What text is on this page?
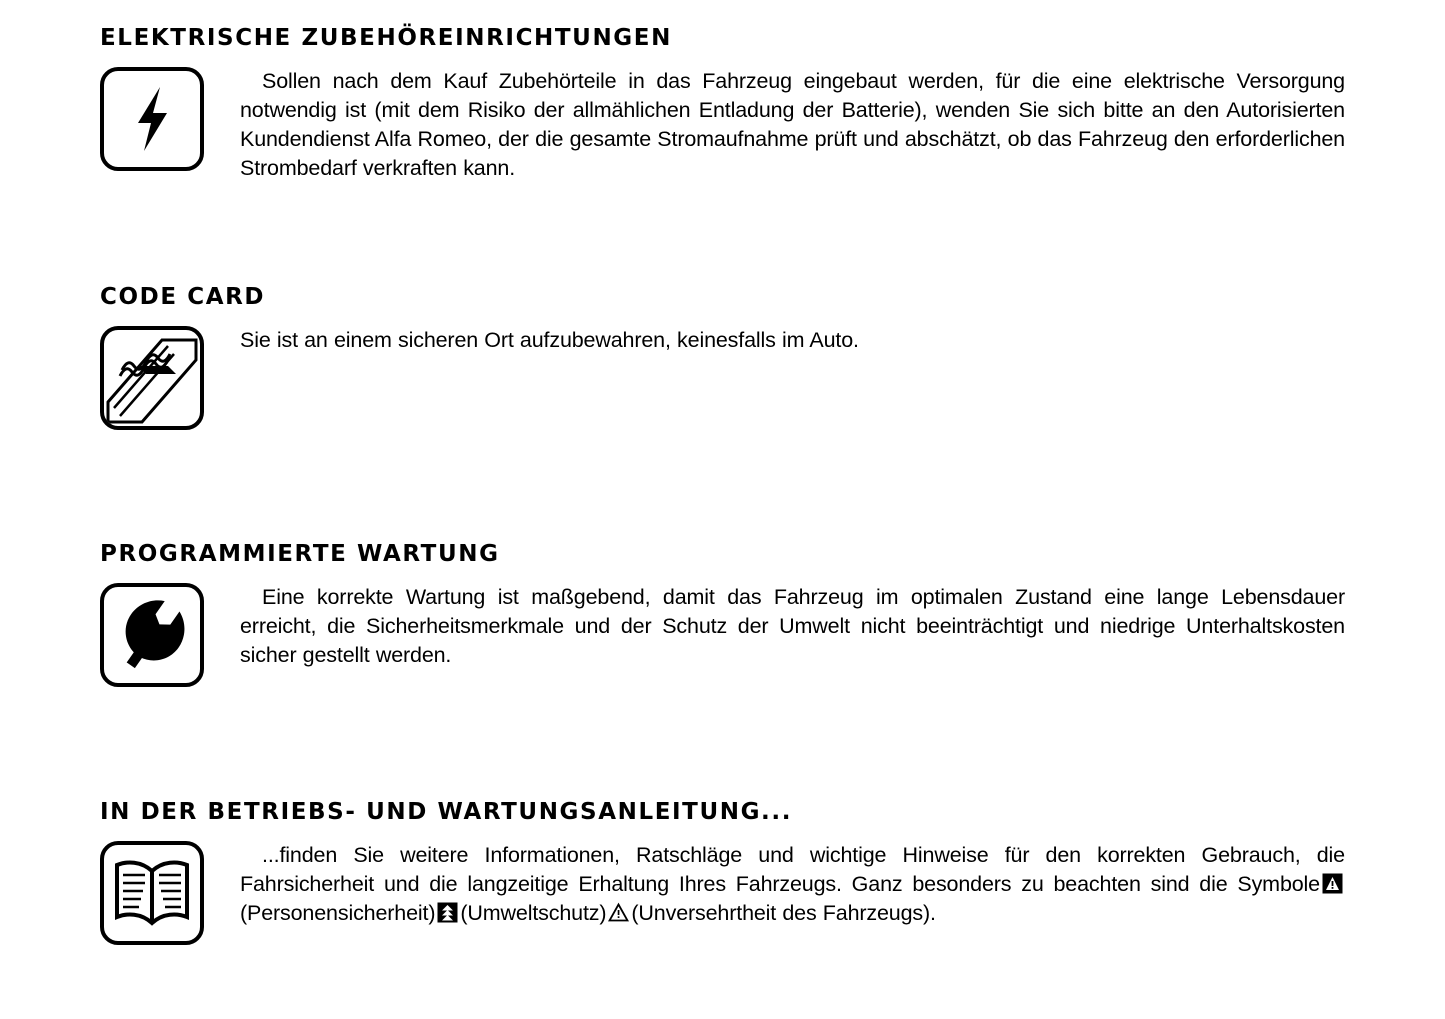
ELEKTRISCHE ZUBEHÖREINRICHTUNGEN
Sollen nach dem Kauf Zubehörteile in das Fahrzeug eingebaut werden, für die eine elektrische Versorgung notwendig ist (mit dem Risiko der allmählichen Entladung der Batterie), wenden Sie sich bitte an den Autorisierten Kundendienst Alfa Romeo, der die gesamte Stromaufnahme prüft und abschätzt, ob das Fahrzeug den erforderlichen Strombedarf verkraften kann.
CODE CARD
Sie ist an einem sicheren Ort aufzubewahren, keinesfalls im Auto.
PROGRAMMIERTE WARTUNG
Eine korrekte Wartung ist maßgebend, damit das Fahrzeug im optimalen Zustand eine lange Lebensdauer erreicht, die Sicherheitsmerkmale und der Schutz der Umwelt nicht beeinträchtigt und niedrige Unterhaltskosten sicher gestellt werden.
IN DER BETRIEBS- UND WARTUNGSANLEITUNG...
...finden Sie weitere Informationen, Ratschläge und wichtige Hinweise für den korrekten Gebrauch, die Fahrsicherheit und die langzeitige Erhaltung Ihres Fahrzeugs. Ganz besonders zu beachten sind die Symbole
(Personensicherheit) (Umweltschutz) (Unversehrtheit des Fahrzeugs).
